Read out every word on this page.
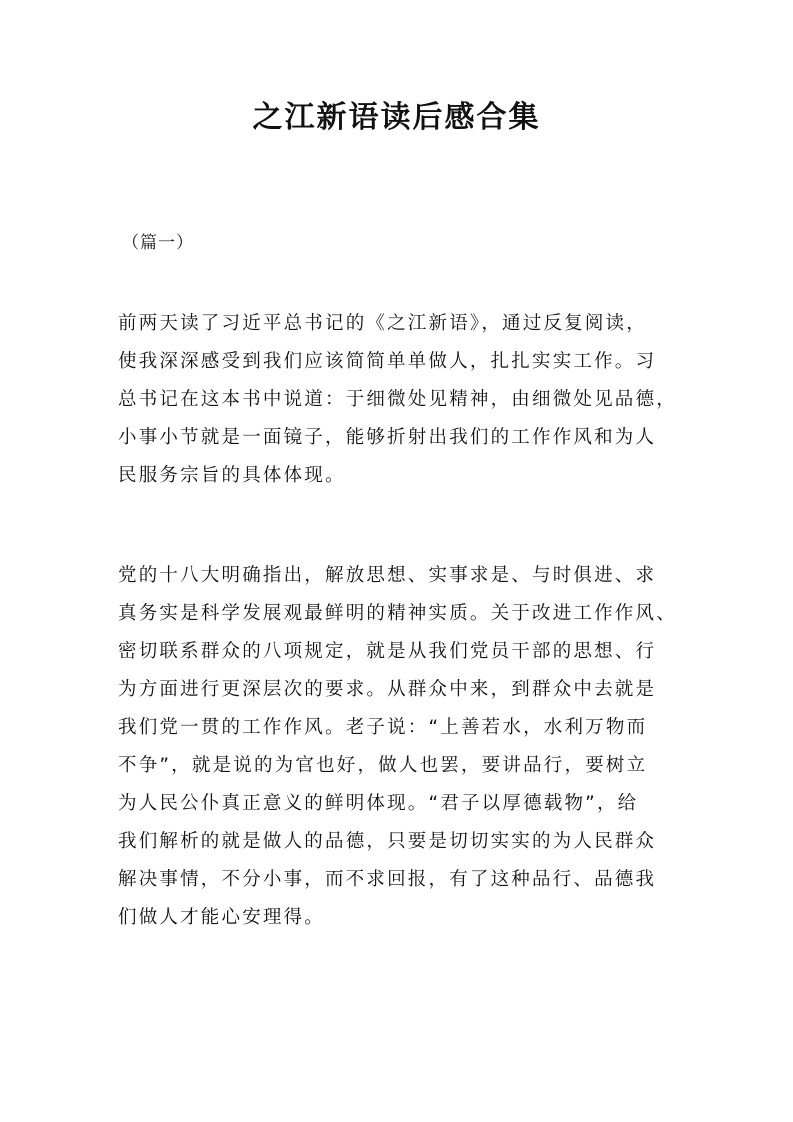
之江新语读后感合集
（篇一）

前两天读了习近平总书记的《之江新语》，通过反复阅读，
使我深深感受到我们应该简简单单做人，扎扎实实工作。习
总书记在这本书中说道：于细微处见精神，由细微处见品德，
小事小节就是一面镜子，能够折射出我们的工作作风和为人
民服务宗旨的具体体现。

党的十八大明确指出，解放思想、实事求是、与时俱进、求
真务实是科学发展观最鲜明的精神实质。关于改进工作作风、
密切联系群众的八项规定，就是从我们党员干部的思想、行
为方面进行更深层次的要求。从群众中来，到群众中去就是
我们党一贯的工作作风。老子说：“上善若水，水利万物而
不争”，就是说的为官也好，做人也罢，要讲品行，要树立
为人民公仆真正意义的鲜明体现。“君子以厚德载物”，给
我们解析的就是做人的品德，只要是切切实实的为人民群众
解决事情，不分小事，而不求回报，有了这种品行、品德我
们做人才能心安理得。
